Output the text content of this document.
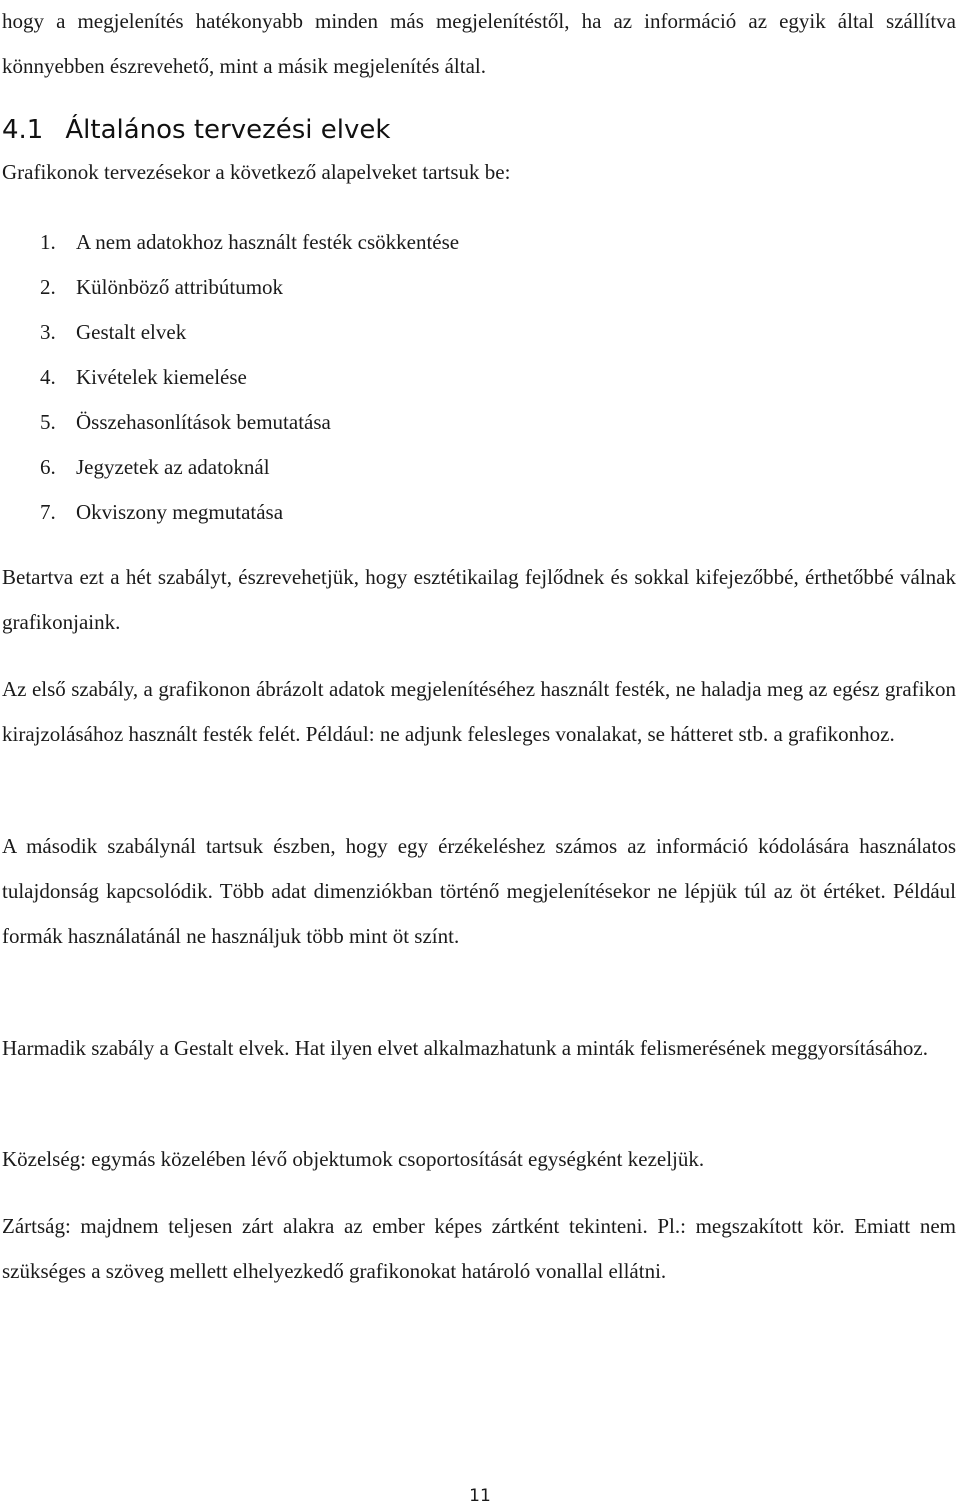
hogy a megjelenítés hatékonyabb minden más megjelenítéstől, ha az információ az egyik által szállítva könnyebben észrevehető, mint a másik megjelenítés által.

4.1 Általános tervezési elvek

Grafikonok tervezésekor a következő alapelveket tartsuk be:

1. A nem adatokhoz használt festék csökkentése
2. Különböző attribútumok
3. Gestalt elvek
4. Kivételek kiemelése
5. Összehasonlítások bemutatása
6. Jegyzetek az adatoknál
7. Okviszony megmutatása

Betartva ezt a hét szabályt, észrevehetjük, hogy esztétikailag fejlődnek és sokkal kifejezőbbé, érthetőbbé válnak grafikonjaink.

Az első szabály, a grafikonon ábrázolt adatok megjelenítéséhez használt festék, ne haladja meg az egész grafikon kirajzolásához használt festék felét. Például: ne adjunk felesleges vonalakat, se hátteret stb. a grafikonhoz.

A második szabálynál tartsuk észben, hogy egy érzékeléshez számos az információ kódolására használatos tulajdonság kapcsolódik. Több adat dimenziókban történő megjelenítésekor ne lépjük túl az öt értéket. Például formák használatánál ne használjuk több mint öt színt.

Harmadik szabály a Gestalt elvek. Hat ilyen elvet alkalmazhatunk a minták felismerésének meggyorsításához.

Közelség: egymás közelében lévő objektumok csoportosítását egységként kezeljük.

Zártság: majdnem teljesen zárt alakra az ember képes zártként tekinteni. Pl.: megszakított kör. Emiatt nem szükséges a szöveg mellett elhelyezkedő grafikonokat határoló vonallal ellátni.

11
